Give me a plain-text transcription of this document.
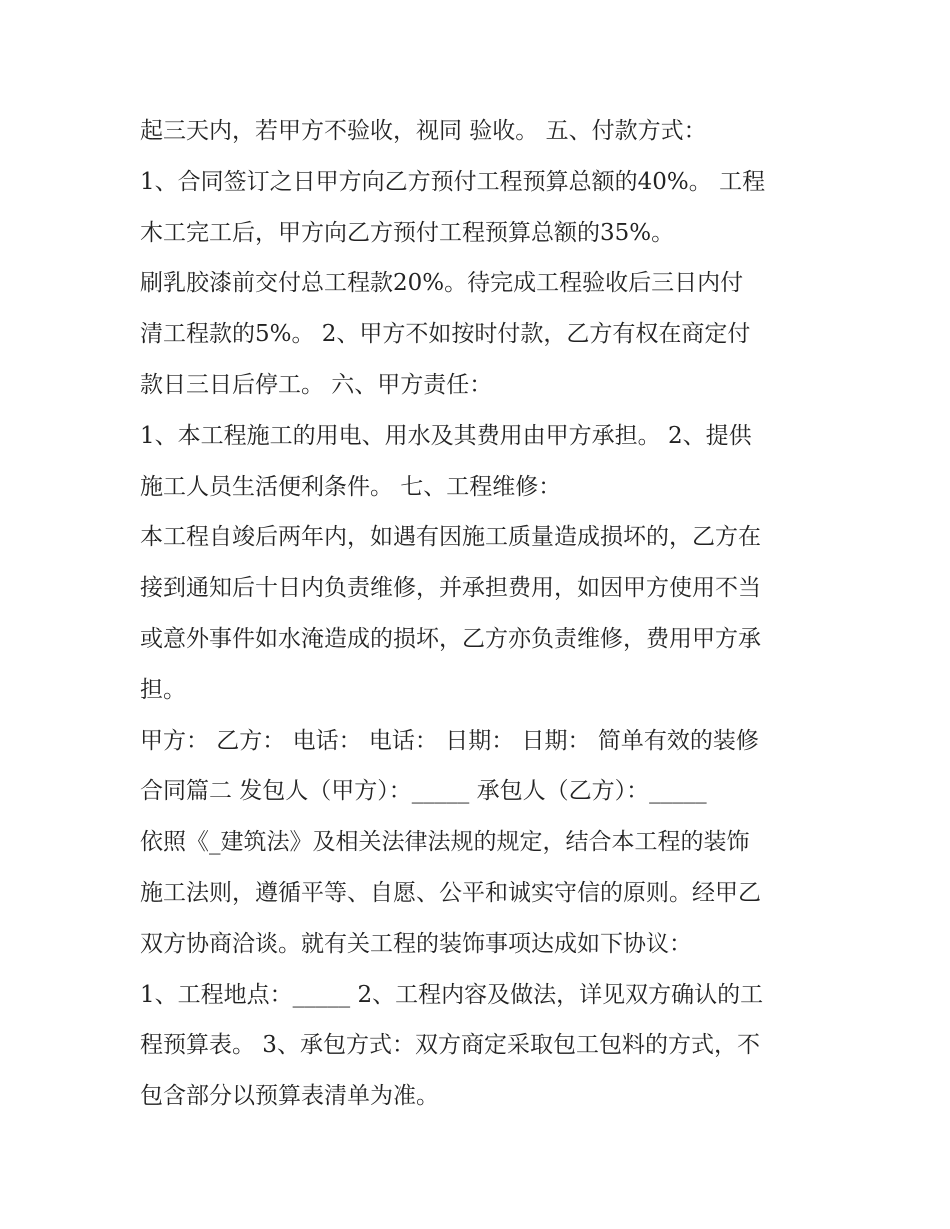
起三天内，若甲方不验收，视同 验收。 五、付款方式：

1、合同签订之日甲方向乙方预付工程预算总额的40%。 工程

木工完工后，甲方向乙方预付工程预算总额的35%。

刷乳胶漆前交付总工程款20%。待完成工程验收后三日内付

清工程款的5%。 2、甲方不如按时付款，乙方有权在商定付

款日三日后停工。 六、甲方责任：

1、本工程施工的用电、用水及其费用由甲方承担。 2、提供

施工人员生活便利条件。 七、工程维修：

本工程自竣后两年内，如遇有因施工质量造成损坏的，乙方在

接到通知后十日内负责维修，并承担费用，如因甲方使用不当

或意外事件如水淹造成的损坏，乙方亦负责维修，费用甲方承

担。

甲方： 乙方： 电话： 电话： 日期： 日期： 简单有效的装修

合同篇二 发包人（甲方）：_____ 承包人（乙方）：_____

依照《_建筑法》及相关法律法规的规定，结合本工程的装饰

施工法则，遵循平等、自愿、公平和诚实守信的原则。经甲乙

双方协商洽谈。就有关工程的装饰事项达成如下协议：

1、工程地点：_____ 2、工程内容及做法，详见双方确认的工

程预算表。 3、承包方式：双方商定采取包工包料的方式，不

包含部分以预算表清单为准。
